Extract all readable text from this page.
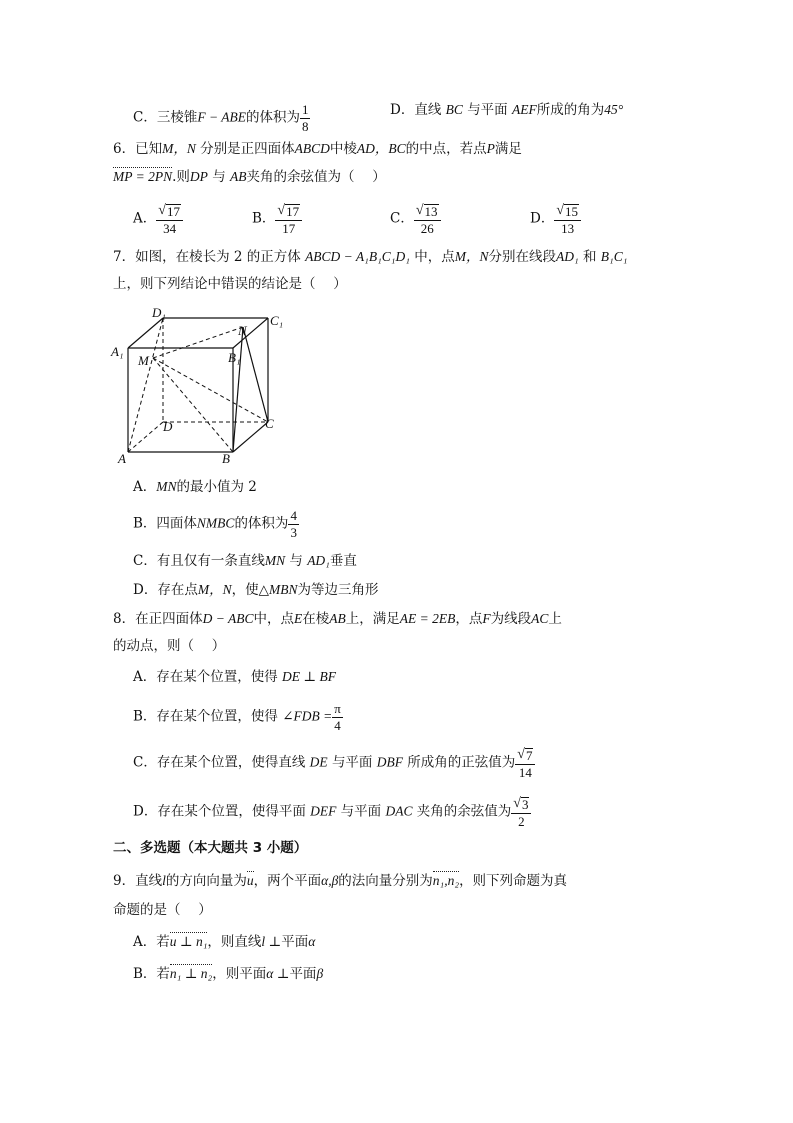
C．三棱锥F − ABE的体积为 $\frac{1}{8}$	D．直线 BC 与平面 AEF所成的角为45°
6．已知M，N 分别是正四面体ABCD中棱AD，BC的中点，若点P满足
MP = 2PN.则DP 与 AB夹角的余弦值为（　 ）
A． $\frac{√ 17}{34}$	B． $\frac{√ 17}{17}$	C． $\frac{√ 13}{26}$	D． $\frac{√ 15}{13}$
7．如图，在棱长为 2 的正方体 ABCD − A₁B₁C₁D₁ 中，点M，N分别在线段AD₁ 和 B₁C₁
上，则下列结论中错误的结论是（　 ）
D₁
C₁
A₁	B₁
M
N
D	C
A	B
A．MN的最小值为 2
B．四面体NMBC的体积为 $\frac{4}{3}$
C．有且仅有一条直线MN 与 AD₁垂直
D．存在点M，N，使△MBN为等边三角形
8．在正四面体D − ABC中，点E在棱AB上，满足AE = 2EB，点F为线段AC上
的动点，则（　 ）
A．存在某个位置，使得 DE ⊥ BF
B．存在某个位置，使得 ∠FDB = $\frac{\pi}{4}$
C．存在某个位置，使得直线 DE 与平面 DBF 所成角的正弦值为 $\frac{√ 7}{14}$
D．存在某个位置，使得平面 DEF 与平面 DAC 夹角的余弦值为 $\frac{√ 3}{2}$
二、多选题（本大题共 3 小题）
9．直线l的方向向量为u，两个平面α,β的法向量分别为n₁,n₂，则下列命题为真
命题的是（　 ）
A．若u ⊥ n₁，则直线l ⊥平面α
B．若n₁ ⊥ n₂，则平面α ⊥平面β
